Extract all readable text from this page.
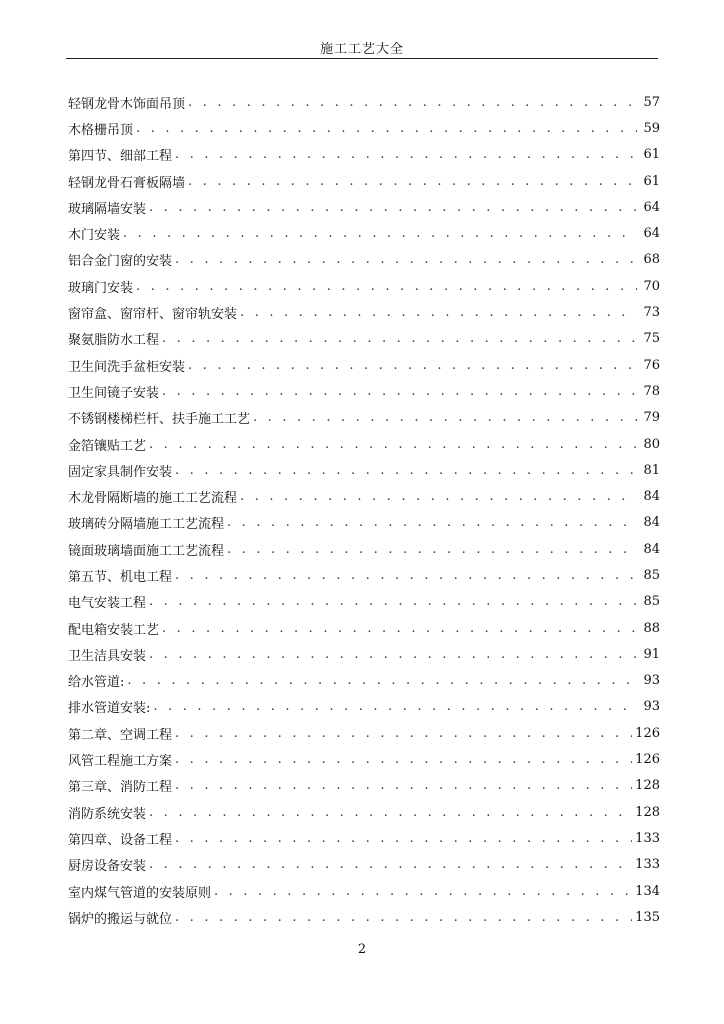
施工工艺大全
轻钢龙骨木饰面吊顶 . . .	57
木格栅吊顶 . . .	59
第四节、细部工程 . . .	61
轻钢龙骨石膏板隔墙 . . .	61
玻璃隔墙安装 . . .	64
木门安装 . . .	64
铝合金门窗的安装 . . .	68
玻璃门安装 . . .	70
窗帘盒、窗帘杆、窗帘轨安装 . . .	73
聚氨脂防水工程 . . .	75
卫生间洗手盆柜安装 . . .	76
卫生间镜子安装 . . .	78
不锈钢楼梯栏杆、扶手施工工艺 . . .	79
金箔镶贴工艺 . . .	80
固定家具制作安装 . . .	81
木龙骨隔断墙的施工工艺流程 . . .	84
玻璃砖分隔墙施工工艺流程 . . .	84
镜面玻璃墙面施工工艺流程 . . .	84
第五节、机电工程 . . .	85
电气安装工程 . . .	85
配电箱安装工艺 . . .	88
卫生洁具安装 . . .	91
给水管道: . . .	93
排水管道安装: . . .	93
第二章、空调工程 . . .	126
风管工程施工方案 . . .	126
第三章、消防工程 . . .	128
消防系统安装 . . .	128
第四章、设备工程 . . .	133
厨房设备安装 . . .	133
室内煤气管道的安装原则 . . .	134
锅炉的搬运与就位 . . .	135
2
